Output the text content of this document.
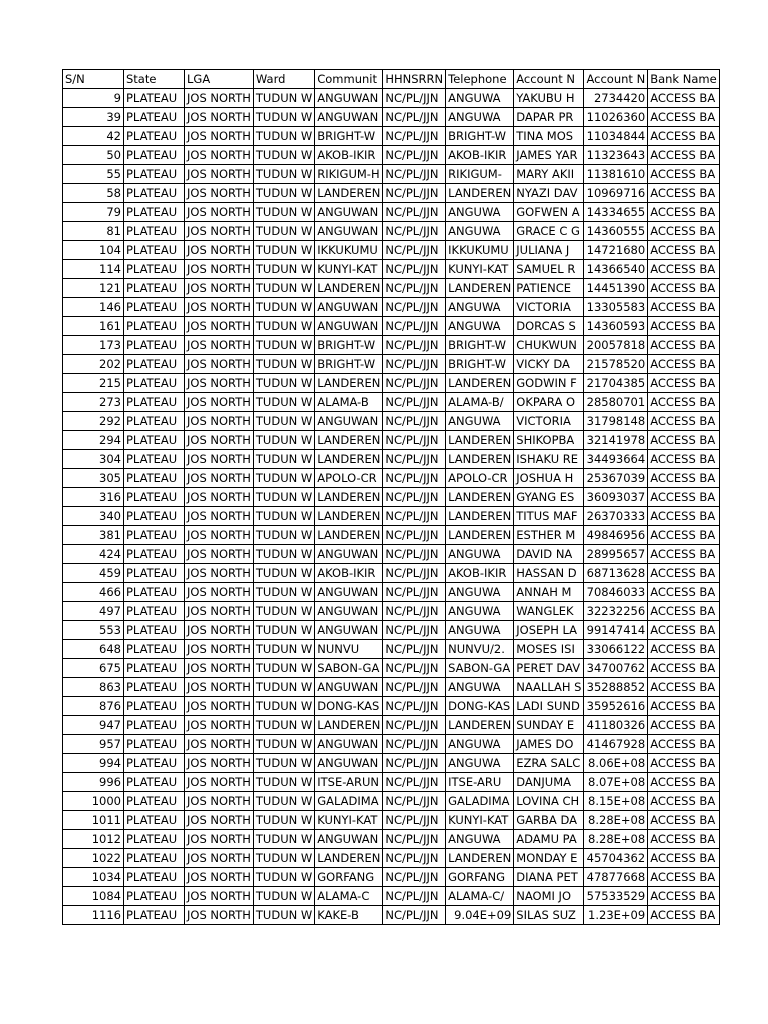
S/N	State	LGA	Ward	Communit	HHNSRRN	Telephone	Account N	Account N	Bank Name
9	PLATEAU	JOS NORTH	TUDUN W	ANGUWAN	NC/PL/JJN	ANGUWA	YAKUBU H	2734420	ACCESS BA
39	PLATEAU	JOS NORTH	TUDUN W	ANGUWAN	NC/PL/JJN	ANGUWA	DAPAR PR	11026360	ACCESS BA
42	PLATEAU	JOS NORTH	TUDUN W	BRIGHT-W	NC/PL/JJN	BRIGHT-W	TINA MOS	11034844	ACCESS BA
50	PLATEAU	JOS NORTH	TUDUN W	AKOB-IKIR	NC/PL/JJN	AKOB-IKIR	JAMES YAR	11323643	ACCESS BA
55	PLATEAU	JOS NORTH	TUDUN W	RIKIGUM-H	NC/PL/JJN	RIKIGUM-	MARY AKII	11381610	ACCESS BA
58	PLATEAU	JOS NORTH	TUDUN W	LANDEREN	NC/PL/JJN	LANDEREN	NYAZI DAV	10969716	ACCESS BA
79	PLATEAU	JOS NORTH	TUDUN W	ANGUWAN	NC/PL/JJN	ANGUWA	GOFWEN A	14334655	ACCESS BA
81	PLATEAU	JOS NORTH	TUDUN W	ANGUWAN	NC/PL/JJN	ANGUWA	GRACE C G	14360555	ACCESS BA
104	PLATEAU	JOS NORTH	TUDUN W	IKKUKUMU	NC/PL/JJN	IKKUKUMU	JULIANA J	14721680	ACCESS BA
114	PLATEAU	JOS NORTH	TUDUN W	KUNYI-KAT	NC/PL/JJN	KUNYI-KAT	SAMUEL R	14366540	ACCESS BA
121	PLATEAU	JOS NORTH	TUDUN W	LANDEREN	NC/PL/JJN	LANDEREN	PATIENCE	14451390	ACCESS BA
146	PLATEAU	JOS NORTH	TUDUN W	ANGUWAN	NC/PL/JJN	ANGUWA	VICTORIA	13305583	ACCESS BA
161	PLATEAU	JOS NORTH	TUDUN W	ANGUWAN	NC/PL/JJN	ANGUWA	DORCAS S	14360593	ACCESS BA
173	PLATEAU	JOS NORTH	TUDUN W	BRIGHT-W	NC/PL/JJN	BRIGHT-W	CHUKWUN	20057818	ACCESS BA
202	PLATEAU	JOS NORTH	TUDUN W	BRIGHT-W	NC/PL/JJN	BRIGHT-W	VICKY DA	21578520	ACCESS BA
215	PLATEAU	JOS NORTH	TUDUN W	LANDEREN	NC/PL/JJN	LANDEREN	GODWIN F	21704385	ACCESS BA
273	PLATEAU	JOS NORTH	TUDUN W	ALAMA-B	NC/PL/JJN	ALAMA-B/	OKPARA O	28580701	ACCESS BA
292	PLATEAU	JOS NORTH	TUDUN W	ANGUWAN	NC/PL/JJN	ANGUWA	VICTORIA	31798148	ACCESS BA
294	PLATEAU	JOS NORTH	TUDUN W	LANDEREN	NC/PL/JJN	LANDEREN	SHIKOPBA	32141978	ACCESS BA
304	PLATEAU	JOS NORTH	TUDUN W	LANDEREN	NC/PL/JJN	LANDEREN	ISHAKU RE	34493664	ACCESS BA
305	PLATEAU	JOS NORTH	TUDUN W	APOLO-CR	NC/PL/JJN	APOLO-CR	JOSHUA H	25367039	ACCESS BA
316	PLATEAU	JOS NORTH	TUDUN W	LANDEREN	NC/PL/JJN	LANDEREN	GYANG ES	36093037	ACCESS BA
340	PLATEAU	JOS NORTH	TUDUN W	LANDEREN	NC/PL/JJN	LANDEREN	TITUS MAF	26370333	ACCESS BA
381	PLATEAU	JOS NORTH	TUDUN W	LANDEREN	NC/PL/JJN	LANDEREN	ESTHER M	49846956	ACCESS BA
424	PLATEAU	JOS NORTH	TUDUN W	ANGUWAN	NC/PL/JJN	ANGUWA	DAVID NA	28995657	ACCESS BA
459	PLATEAU	JOS NORTH	TUDUN W	AKOB-IKIR	NC/PL/JJN	AKOB-IKIR	HASSAN D	68713628	ACCESS BA
466	PLATEAU	JOS NORTH	TUDUN W	ANGUWAN	NC/PL/JJN	ANGUWA	ANNAH M	70846033	ACCESS BA
497	PLATEAU	JOS NORTH	TUDUN W	ANGUWAN	NC/PL/JJN	ANGUWA	WANGLEK	32232256	ACCESS BA
553	PLATEAU	JOS NORTH	TUDUN W	ANGUWAN	NC/PL/JJN	ANGUWA	JOSEPH LA	99147414	ACCESS BA
648	PLATEAU	JOS NORTH	TUDUN W	NUNVU	NC/PL/JJN	NUNVU/2.	MOSES ISI	33066122	ACCESS BA
675	PLATEAU	JOS NORTH	TUDUN W	SABON-GA	NC/PL/JJN	SABON-GA	PERET DAV	34700762	ACCESS BA
863	PLATEAU	JOS NORTH	TUDUN W	ANGUWAN	NC/PL/JJN	ANGUWA	NAALLAH S	35288852	ACCESS BA
876	PLATEAU	JOS NORTH	TUDUN W	DONG-KAS	NC/PL/JJN	DONG-KAS	LADI SUND	35952616	ACCESS BA
947	PLATEAU	JOS NORTH	TUDUN W	LANDEREN	NC/PL/JJN	LANDEREN	SUNDAY E	41180326	ACCESS BA
957	PLATEAU	JOS NORTH	TUDUN W	ANGUWAN	NC/PL/JJN	ANGUWA	JAMES DO	41467928	ACCESS BA
994	PLATEAU	JOS NORTH	TUDUN W	ANGUWAN	NC/PL/JJN	ANGUWA	EZRA SALC	8.06E+08	ACCESS BA
996	PLATEAU	JOS NORTH	TUDUN W	ITSE-ARUN	NC/PL/JJN	ITSE-ARU	DANJUMA	8.07E+08	ACCESS BA
1000	PLATEAU	JOS NORTH	TUDUN W	GALADIMA	NC/PL/JJN	GALADIMA	LOVINA CH	8.15E+08	ACCESS BA
1011	PLATEAU	JOS NORTH	TUDUN W	KUNYI-KAT	NC/PL/JJN	KUNYI-KAT	GARBA DA	8.28E+08	ACCESS BA
1012	PLATEAU	JOS NORTH	TUDUN W	ANGUWAN	NC/PL/JJN	ANGUWA	ADAMU PA	8.28E+08	ACCESS BA
1022	PLATEAU	JOS NORTH	TUDUN W	LANDEREN	NC/PL/JJN	LANDEREN	MONDAY E	45704362	ACCESS BA
1034	PLATEAU	JOS NORTH	TUDUN W	GORFANG	NC/PL/JJN	GORFANG	DIANA PET	47877668	ACCESS BA
1084	PLATEAU	JOS NORTH	TUDUN W	ALAMA-C	NC/PL/JJN	ALAMA-C/	NAOMI JO	57533529	ACCESS BA
1116	PLATEAU	JOS NORTH	TUDUN W	KAKE-B	NC/PL/JJN	9.04E+09	SILAS SUZ	1.23E+09	ACCESS BA
